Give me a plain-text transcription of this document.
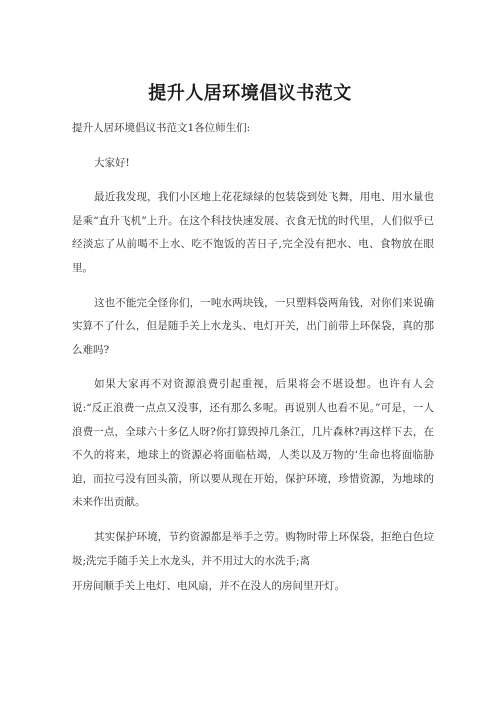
提升人居环境倡议书范文

提升人居环境倡议书范文1各位师生们:

大家好!

最近我发现，我们小区地上花花绿绿的包装袋到处飞舞，用电、用水量也是乘“直升飞机”上升。在这个科技快速发展、衣食无忧的时代里，人们似乎已经淡忘了从前喝不上水、吃不饱饭的苦日子,完全没有把水、电、食物放在眼里。

这也不能完全怪你们，一吨水两块钱，一只塑料袋两角钱，对你们来说确实算不了什么，但是随手关上水龙头、电灯开关，出门前带上环保袋，真的那么难吗?

如果大家再不对资源浪费引起重视，后果将会不堪设想。也许有人会说:“反正浪费一点点又没事，还有那么多呢。再说别人也看不见。”可是，一人浪费一点，全球六十多亿人呀?你打算毁掉几条江，几片森林?再这样下去，在不久的将来，地球上的资源必将面临枯竭，人类以及万物的‘生命也将面临胁迫，而拉弓没有回头箭，所以要从现在开始，保护环境，珍惜资源，为地球的未来作出贡献。

其实保护环境，节约资源都是举手之劳。购物时带上环保袋，拒绝白色垃圾;洗完手随手关上水龙头，并不用过大的水洗手;离

开房间顺手关上电灯、电风扇，并不在没人的房间里开灯。
